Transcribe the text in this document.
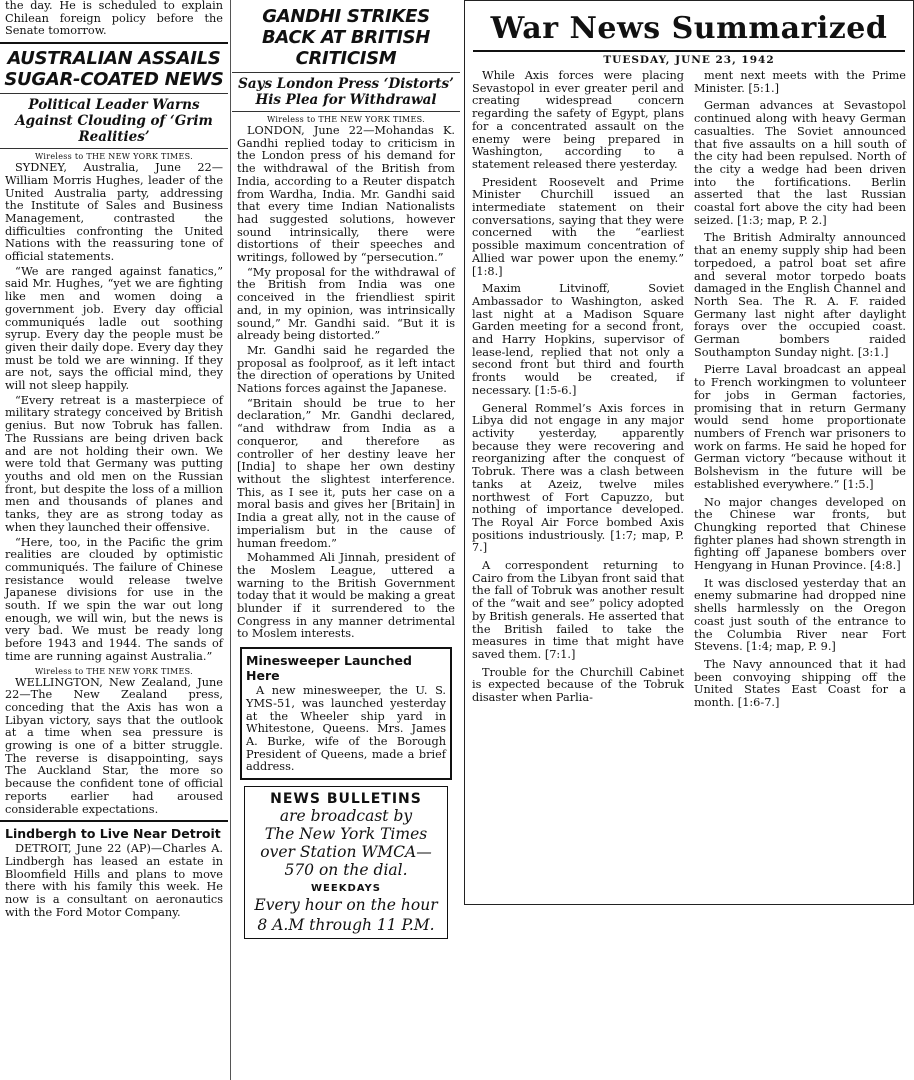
the day. He is scheduled to explain Chilean foreign policy before the Senate tomorrow.

AUSTRALIAN ASSAILS SUGAR-COATED NEWS
Political Leader Warns Against Clouding of ‘Grim Realities’
Wireless to THE NEW YORK TIMES.

SYDNEY, Australia, June 22—William Morris Hughes, leader of the United Australia party, addressing the Institute of Sales and Business Management, contrasted the difficulties confronting the United Nations with the reassuring tone of official statements.

“We are ranged against fanatics,” said Mr. Hughes, “yet we are fighting like men and women doing a government job. Every day official communiqués ladle out soothing syrup. Every day the people must be given their daily dope. Every day they must be told we are winning. If they are not, says the official mind, they will not sleep happily.

“Every retreat is a masterpiece of military strategy conceived by British genius. But now Tobruk has fallen. The Russians are being driven back and are not holding their own. We were told that Germany was putting youths and old men on the Russian front, but despite the loss of a million men and thousands of planes and tanks, they are as strong today as when they launched their offensive.

“Here, too, in the Pacific the grim realities are clouded by optimistic communiqués. The failure of Chinese resistance would release twelve Japanese divisions for use in the south. If we spin the war out long enough, we will win, but the news is very bad. We must be ready long before 1943 and 1944. The sands of time are running against Australia.”

Wireless to THE NEW YORK TIMES.

WELLINGTON, New Zealand, June 22—The New Zealand press, conceding that the Axis has won a Libyan victory, says that the outlook at a time when sea pressure is growing is one of a bitter struggle. The reverse is disappointing, says The Auckland Star, the more so because the confident tone of official reports earlier had aroused considerable expectations.

Lindbergh to Live Near Detroit

DETROIT, June 22 (AP)—Charles A. Lindbergh has leased an estate in Bloomfield Hills and plans to move there with his family this week. He now is a consultant on aeronautics with the Ford Motor Company.

GANDHI STRIKES BACK AT BRITISH CRITICISM
Says London Press ‘Distorts’ His Plea for Withdrawal
Wireless to THE NEW YORK TIMES.

LONDON, June 22—Mohandas K. Gandhi replied today to criticism in the London press of his demand for the withdrawal of the British from India, according to a Reuter dispatch from Wardha, India. Mr. Gandhi said that every time Indian Nationalists had suggested solutions, however sound intrinsically, there were distortions of their speeches and writings, followed by “persecution.”

“My proposal for the withdrawal of the British from India was one conceived in the friendliest spirit and, in my opinion, was intrinsically sound,” Mr. Gandhi said. “But it is already being distorted.”

Mr. Gandhi said he regarded the proposal as foolproof, as it left intact the direction of operations by United Nations forces against the Japanese.

“Britain should be true to her declaration,” Mr. Gandhi declared, “and withdraw from India as a conqueror, and therefore as controller of her destiny leave her [India] to shape her own destiny without the slightest interference. This, as I see it, puts her case on a moral basis and gives her [Britain] in India a great ally, not in the cause of imperialism but in the cause of human freedom.”

Mohammed Ali Jinnah, president of the Moslem League, uttered a warning to the British Government today that it would be making a great blunder if it surrendered to the Congress in any manner detrimental to Moslem interests.

Minesweeper Launched Here

A new minesweeper, the U. S. YMS-51, was launched yesterday at the Wheeler ship yard in Whitestone, Queens. Mrs. James A. Burke, wife of the Borough President of Queens, made a brief address.

NEWS BULLETINS
are broadcast by
The New York Times
over Station WMCA—
570 on the dial.
WEEKDAYS
Every hour on the hour
8 A.M through 11 P.M.
War News Summarized
TUESDAY, JUNE 23, 1942

While Axis forces were placing Sevastopol in ever greater peril and creating widespread concern regarding the safety of Egypt, plans for a concentrated assault on the enemy were being prepared in Washington, according to a statement released there yesterday.

President Roosevelt and Prime Minister Churchill issued an intermediate statement on their conversations, saying that they were concerned with the “earliest possible maximum concentration of Allied war power upon the enemy.” [1:8.]

Maxim Litvinoff, Soviet Ambassador to Washington, asked last night at a Madison Square Garden meeting for a second front, and Harry Hopkins, supervisor of lease-lend, replied that not only a second front but third and fourth fronts would be created, if necessary. [1:5-6.]

General Rommel’s Axis forces in Libya did not engage in any major activity yesterday, apparently because they were recovering and reorganizing after the conquest of Tobruk. There was a clash between tanks at Azeiz, twelve miles northwest of Fort Capuzzo, but nothing of importance developed. The Royal Air Force bombed Axis positions industriously. [1:7; map, P. 7.]

A correspondent returning to Cairo from the Libyan front said that the fall of Tobruk was another result of the “wait and see” policy adopted by British generals. He asserted that the British failed to take the measures in time that might have saved them. [7:1.]

Trouble for the Churchill Cabinet is expected because of the Tobruk disaster when Parlia-

ment next meets with the Prime Minister. [5:1.]

German advances at Sevastopol continued along with heavy German casualties. The Soviet announced that five assaults on a hill south of the city had been repulsed. North of the city a wedge had been driven into the fortifications. Berlin asserted that the last Russian coastal fort above the city had been seized. [1:3; map, P. 2.]

The British Admiralty announced that an enemy supply ship had been torpedoed, a patrol boat set afire and several motor torpedo boats damaged in the English Channel and North Sea. The R. A. F. raided Germany last night after daylight forays over the occupied coast. German bombers raided Southampton Sunday night. [3:1.]

Pierre Laval broadcast an appeal to French workingmen to volunteer for jobs in German factories, promising that in return Germany would send home proportionate numbers of French war prisoners to work on farms. He said he hoped for German victory “because without it Bolshevism in the future will be established everywhere.” [1:5.]

No major changes developed on the Chinese war fronts, but Chungking reported that Chinese fighter planes had shown strength in fighting off Japanese bombers over Hengyang in Hunan Province. [4:8.]

It was disclosed yesterday that an enemy submarine had dropped nine shells harmlessly on the Oregon coast just south of the entrance to the Columbia River near Fort Stevens. [1:4; map, P. 9.]

The Navy announced that it had been convoying shipping off the United States East Coast for a month. [1:6-7.]
